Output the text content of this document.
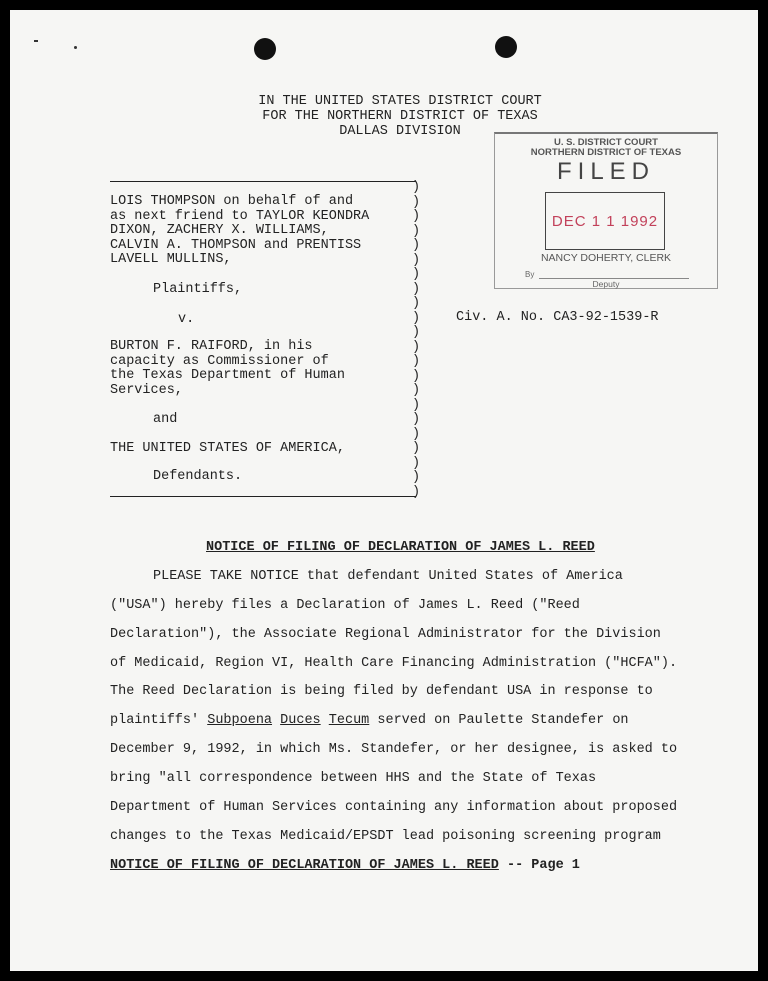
IN THE UNITED STATES DISTRICT COURT
FOR THE NORTHERN DISTRICT OF TEXAS
DALLAS DIVISION
U. S. DISTRICT COURT
NORTHERN DISTRICT OF TEXAS
FILED
DEC 1 1 1992
NANCY DOHERTY, CLERK
By
Deputy
LOIS THOMPSON on behalf of and
as next friend to TAYLOR KEONDRA
DIXON, ZACHERY X. WILLIAMS,
CALVIN A. THOMPSON and PRENTISS
LAVELL MULLINS,
Plaintiffs,
v.
BURTON F. RAIFORD, in his
capacity as Commissioner of
the Texas Department of Human
Services,
and
THE UNITED STATES OF AMERICA,
Defendants.
)
)
)
)
)
)
)
)
)
)
)
)
)
)
)
)
)
)
)
)
)
)
Civ. A. No. CA3-92-1539-R
NOTICE OF FILING OF DECLARATION OF JAMES L. REED
PLEASE TAKE NOTICE that defendant United States of America
("USA") hereby files a Declaration of James L. Reed ("Reed
Declaration"), the Associate Regional Administrator for the Division
of Medicaid, Region VI, Health Care Financing Administration ("HCFA").
The Reed Declaration is being filed by defendant USA in response to
plaintiffs' Subpoena Duces Tecum served on Paulette Standefer on
December 9, 1992, in which Ms. Standefer, or her designee, is asked to
bring "all correspondence between HHS and the State of Texas
Department of Human Services containing any information about proposed
changes to the Texas Medicaid/EPSDT lead poisoning screening program
NOTICE OF FILING OF DECLARATION OF JAMES L. REED -- Page 1
